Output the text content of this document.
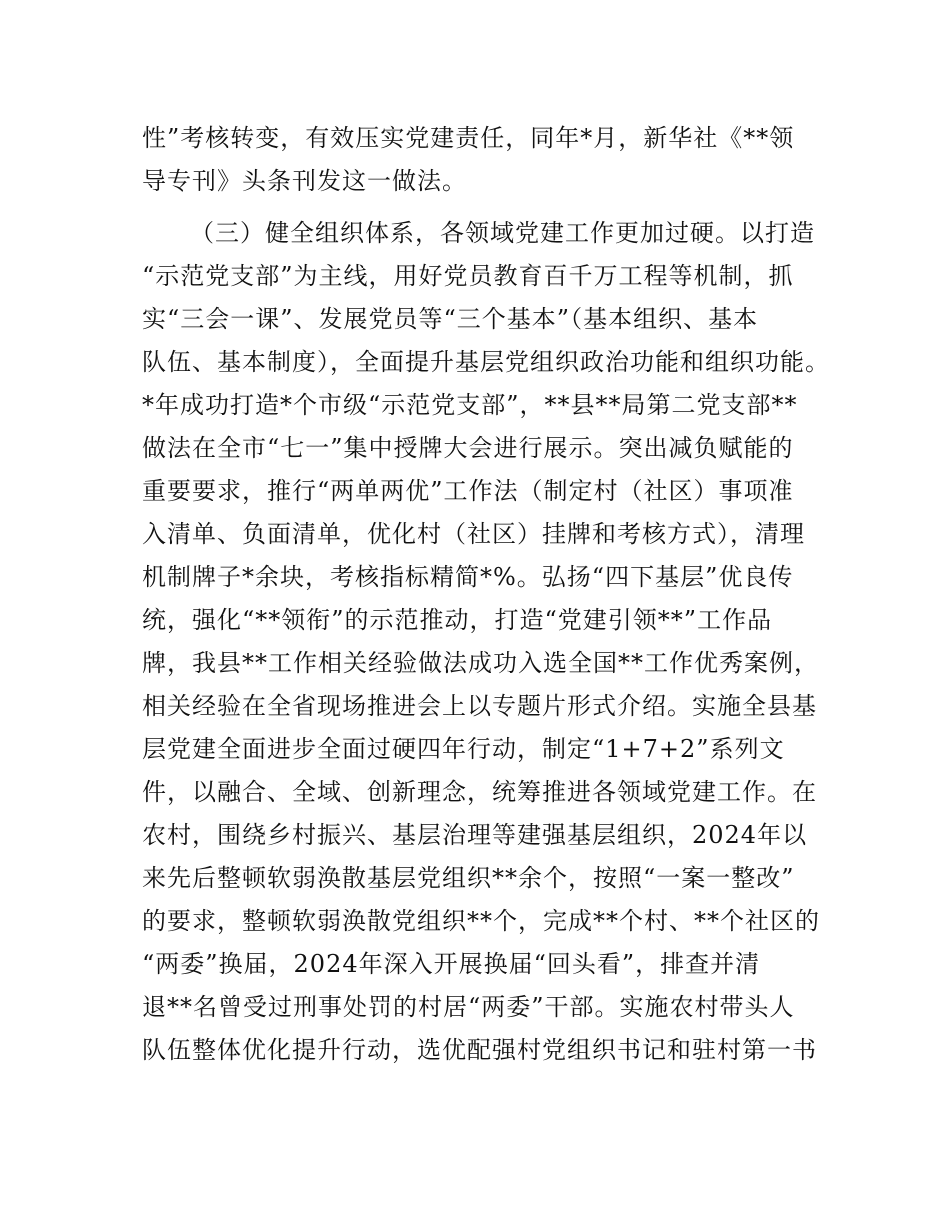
性”考核转变，有效压实党建责任，同年*月，新华社《**领
导专刊》头条刊发这一做法。
（三）健全组织体系，各领域党建工作更加过硬。以打造
“示范党支部”为主线，用好党员教育百千万工程等机制，抓
实“三会一课”、发展党员等“三个基本”（基本组织、基本
队伍、基本制度），全面提升基层党组织政治功能和组织功能。
*年成功打造*个市级“示范党支部”，**县**局第二党支部**
做法在全市“七一”集中授牌大会进行展示。突出减负赋能的
重要要求，推行“两单两优”工作法（制定村（社区）事项准
入清单、负面清单，优化村（社区）挂牌和考核方式），清理
机制牌子*余块，考核指标精简*%。弘扬“四下基层”优良传
统，强化“**领衔”的示范推动，打造“党建引领**”工作品
牌，我县**工作相关经验做法成功入选全国**工作优秀案例，
相关经验在全省现场推进会上以专题片形式介绍。实施全县基
层党建全面进步全面过硬四年行动，制定“1+7+2”系列文
件，以融合、全域、创新理念，统筹推进各领域党建工作。在
农村，围绕乡村振兴、基层治理等建强基层组织，2024年以
来先后整顿软弱涣散基层党组织**余个，按照“一案一整改”
的要求，整顿软弱涣散党组织**个，完成**个村、**个社区的
“两委”换届，2024年深入开展换届“回头看”，排查并清
退**名曾受过刑事处罚的村居“两委”干部。实施农村带头人
队伍整体优化提升行动，选优配强村党组织书记和驻村第一书
